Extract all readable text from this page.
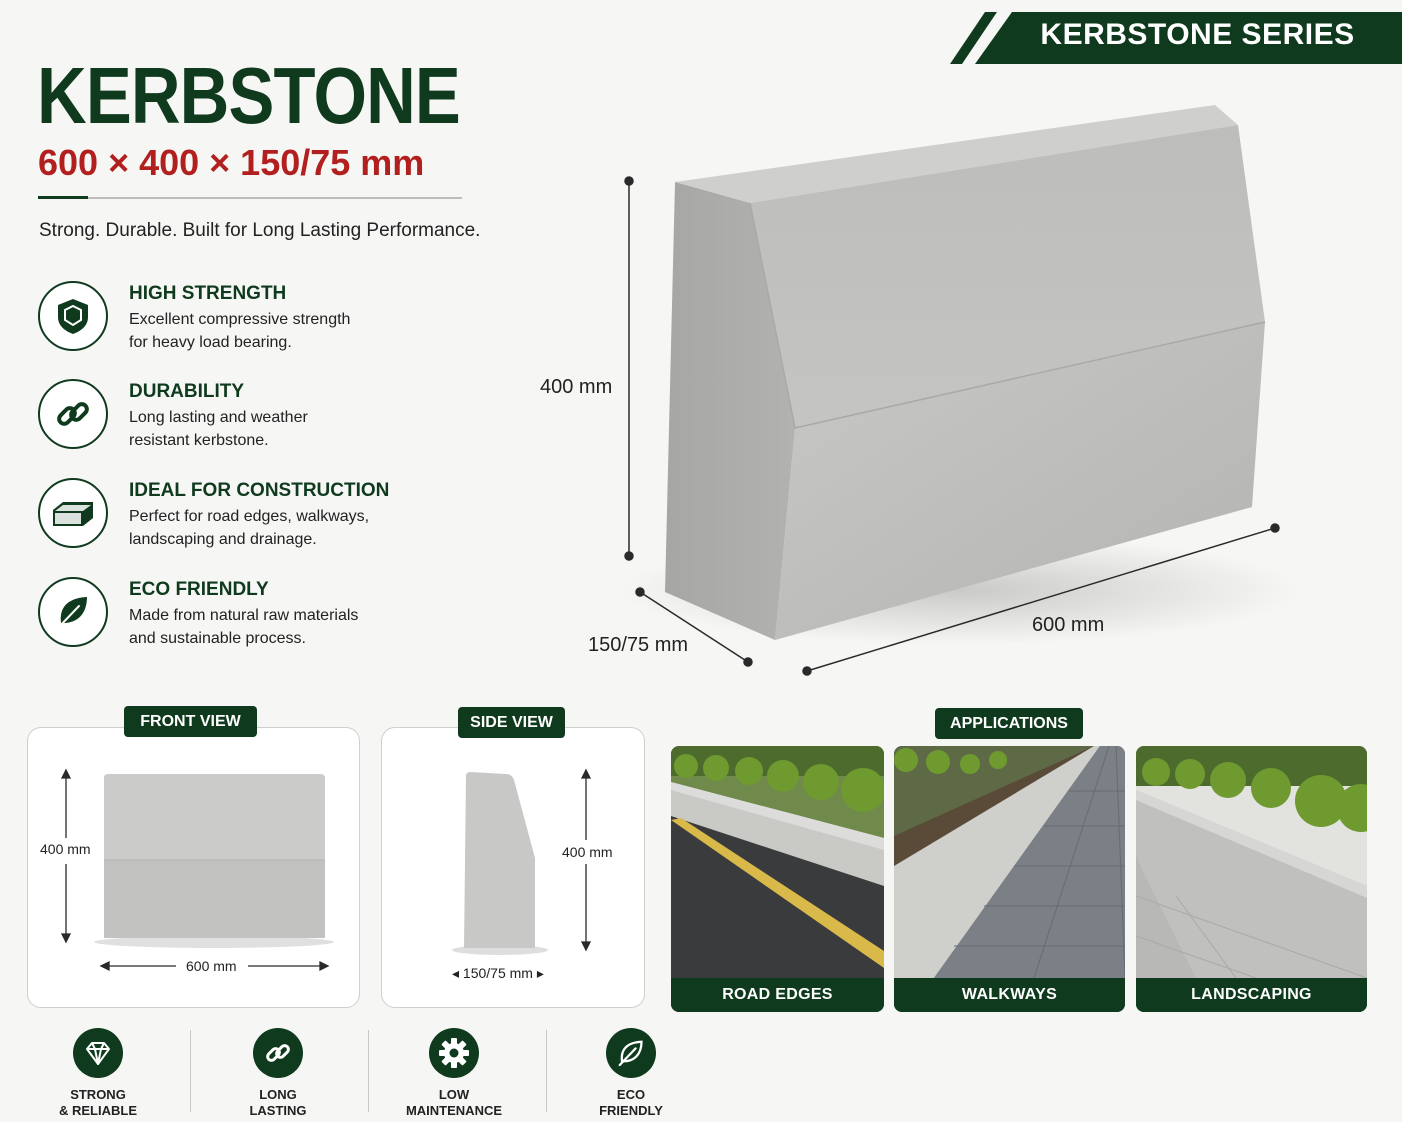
KERBSTONE SERIES
KERBSTONE
600 × 400 × 150/75 mm
Strong. Durable. Built for Long Lasting Performance.
HIGH STRENGTH
Excellent compressive strength
for heavy load bearing.
DURABILITY
Long lasting and weather
resistant kerbstone.
IDEAL FOR CONSTRUCTION
Perfect for road edges, walkways,
landscaping and drainage.
ECO FRIENDLY
Made from natural raw materials
and sustainable process.
400 mm
600 mm
150/75 mm
FRONT VIEW
400 mm
600 mm
SIDE VIEW
400 mm
◂ 150/75 mm ▸
APPLICATIONS
ROAD EDGES	WALKWAYS	LANDSCAPING
STRONG
& RELIABLE
LONG
LASTING
LOW
MAINTENANCE
ECO
FRIENDLY
